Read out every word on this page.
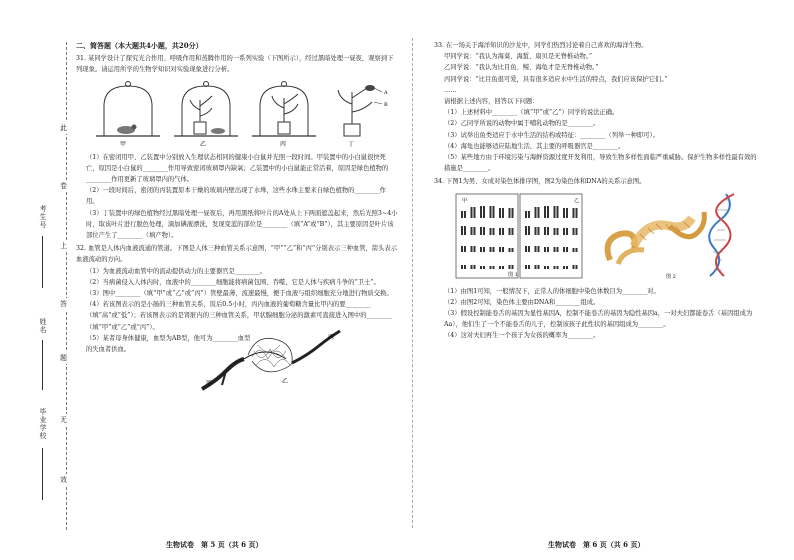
考生号
姓名
毕业学校
此
卷
上
答
题
无
效
二、简答题（本大题共4小题，共20分）

31. 某同学设计了探究光合作用、呼吸作用和蒸腾作用的一系列实验（下图所示），经过黑暗处理一昼夜，观察到下列现象。请运用所学的生物学知识对实验现象进行分析。

甲	乙	丙	丁
A
B

（1）在密闭用甲、乙装置中分别放入生理状态相同的健康小白鼠并光照一段时间。甲装置中的小白鼠很快死亡，原因是小白鼠的________作用导致密闭玻璃罩内缺氧；乙装置中的小白鼠能正常活着，原因是绿色植物的________作用更新了玻璃罩内的气体。

（2）一段时间后，密闭的丙装置原本干燥的玻璃内壁出现了水珠，这些水珠主要来自绿色植物的________作用。

（3）丁装置中的绿色植物经过黑暗处理一昼夜后，再用黑纸将叶片的A处从上下两面遮盖起来，然后光照3~4小时，取该叶片进行脱色处理，滴加碘液漂洗，发现变蓝的部位是________（填“A”或“B”），其主要原因是叶片该部位产生了________（填产物）。

32. 血管是人体内血液流通的管道。下图是人体三种血管关系示意图，“甲”“乙”和“丙”分别表示三种血管，箭头表示血液流动的方向。

（1）为血液流动血管中的流动提供动力的主要器官是________。

（2）当病菌侵入人体内时，血液中的________细胞能将病菌包围、吞噬，它是人体与疾病斗争的“卫士”。

（3）图中________（填“甲”或“乙”或“丙”）管壁最薄，流速最慢，便于血液与组织细胞充分地进行物质交换。

（4）若该图表示的是小肠的三种血管关系，饭后0.5小时，丙内血液的葡萄糖含量比甲内的要________（填“高”或“低”）；若该图表示的是肾脏内的三种血管关系，甲状腺细胞分泌的激素可直接进入图中的________（填“甲”或“乙”或“丙”）。

（5）某者母身体健康，血型为AB型，他可为________血型的失血者供血。

甲	乙
丙
生物试卷　第 5 页（共 6 页）

33. 在一场关于海洋知识的沙龙中，同学们热烈讨论着自己喜欢的海洋生物。

甲同学说：“我认为海葵、海蜇、扇贝是无脊椎动物。”

乙同学说：“我认为比目鱼、鲸、海龟才是无脊椎动物。”

丙同学说：“比目鱼很可爱，具有很多适应水中生活的特点，我们应该保护它们。”

……

请根据上述内容，回答以下问题：

（1）上述材料中________（填“甲”或“乙”）同学的说法正确。

（2）乙同学所说的动物中属于哺乳动物的是________。

（3）试举出鱼类适应于水中生活的结构或特征：________（列举一种即可）。

（4）海龟也能够适应陆地生活，其主要的呼吸器官是________。

（5）某些地方由于环境污染与海鲜资源过度开发利用，导致生物多样性面临严重威胁。保护生物多样性最有效的措施是________。

34. 下图1为男、女成对染色体排序图，图2为染色体和DNA的关系示意图。

甲	乙
图 1	图 2

（1）由图1可知，一般情况下，正常人的体细胞中染色体数目为________对。

（2）由图2可知，染色体主要由DNA和________组成。

（3）假设控制能卷舌的基因为显性基因A，控制不能卷舌的基因为隐性基因a，一对夫妇都能卷舌（基因组成为Aa），他们生了一个不能卷舌的儿子，控制该孩子此性状的基因组成为________。

（4）这对夫妇再生一个孩子为女孩的概率为________。

生物试卷　第 6 页（共 6 页）
